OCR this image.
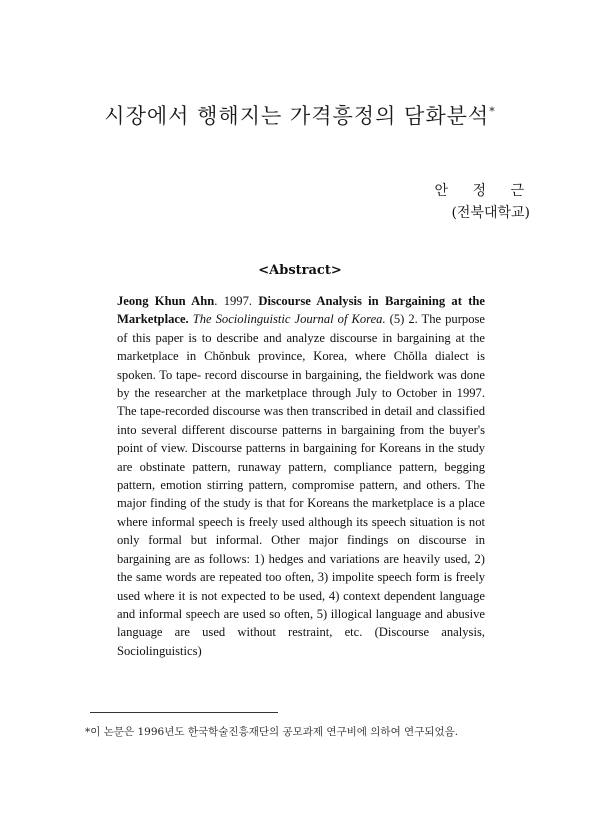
시장에서 행해지는 가격흥정의 담화분석*
안 정 근
(전북대학교)
<Abstract>

Jeong Khun Ahn. 1997. Discourse Analysis in Bargaining at the Marketplace. The Sociolinguistic Journal of Korea. (5) 2. The purpose of this paper is to describe and analyze discourse in bargaining at the marketplace in Chŏnbuk province, Korea, where Chŏlla dialect is spoken. To tape- record discourse in bargaining, the fieldwork was done by the researcher at the marketplace through July to October in 1997. The tape-recorded discourse was then transcribed in detail and classified into several different discourse patterns in bargaining from the buyer's point of view. Discourse patterns in bargaining for Koreans in the study are obstinate pattern, runaway pattern, compliance pattern, begging pattern, emotion stirring pattern, compromise pattern, and others. The major finding of the study is that for Koreans the marketplace is a place where informal speech is freely used although its speech situation is not only formal but informal. Other major findings on discourse in bargaining are as follows: 1) hedges and variations are heavily used, 2) the same words are repeated too often, 3) impolite speech form is freely used where it is not expected to be used, 4) context dependent language and informal speech are used so often, 5) illogical language and abusive language are used without restraint, etc. (Discourse analysis, Sociolinguistics)

*이 논문은 1996년도 한국학술진흥재단의 공모과제 연구비에 의하여 연구되었음.
